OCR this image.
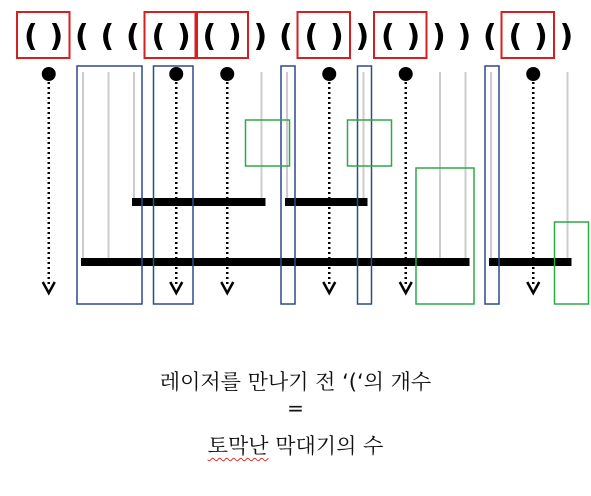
( ) ( ( ( ( ) ( ) ) ( ( ) ) ( ) ) ) ( ( ) )
레이저를 만나기 전 ‘(‘의 개수
=
토막난 막대기의 수
